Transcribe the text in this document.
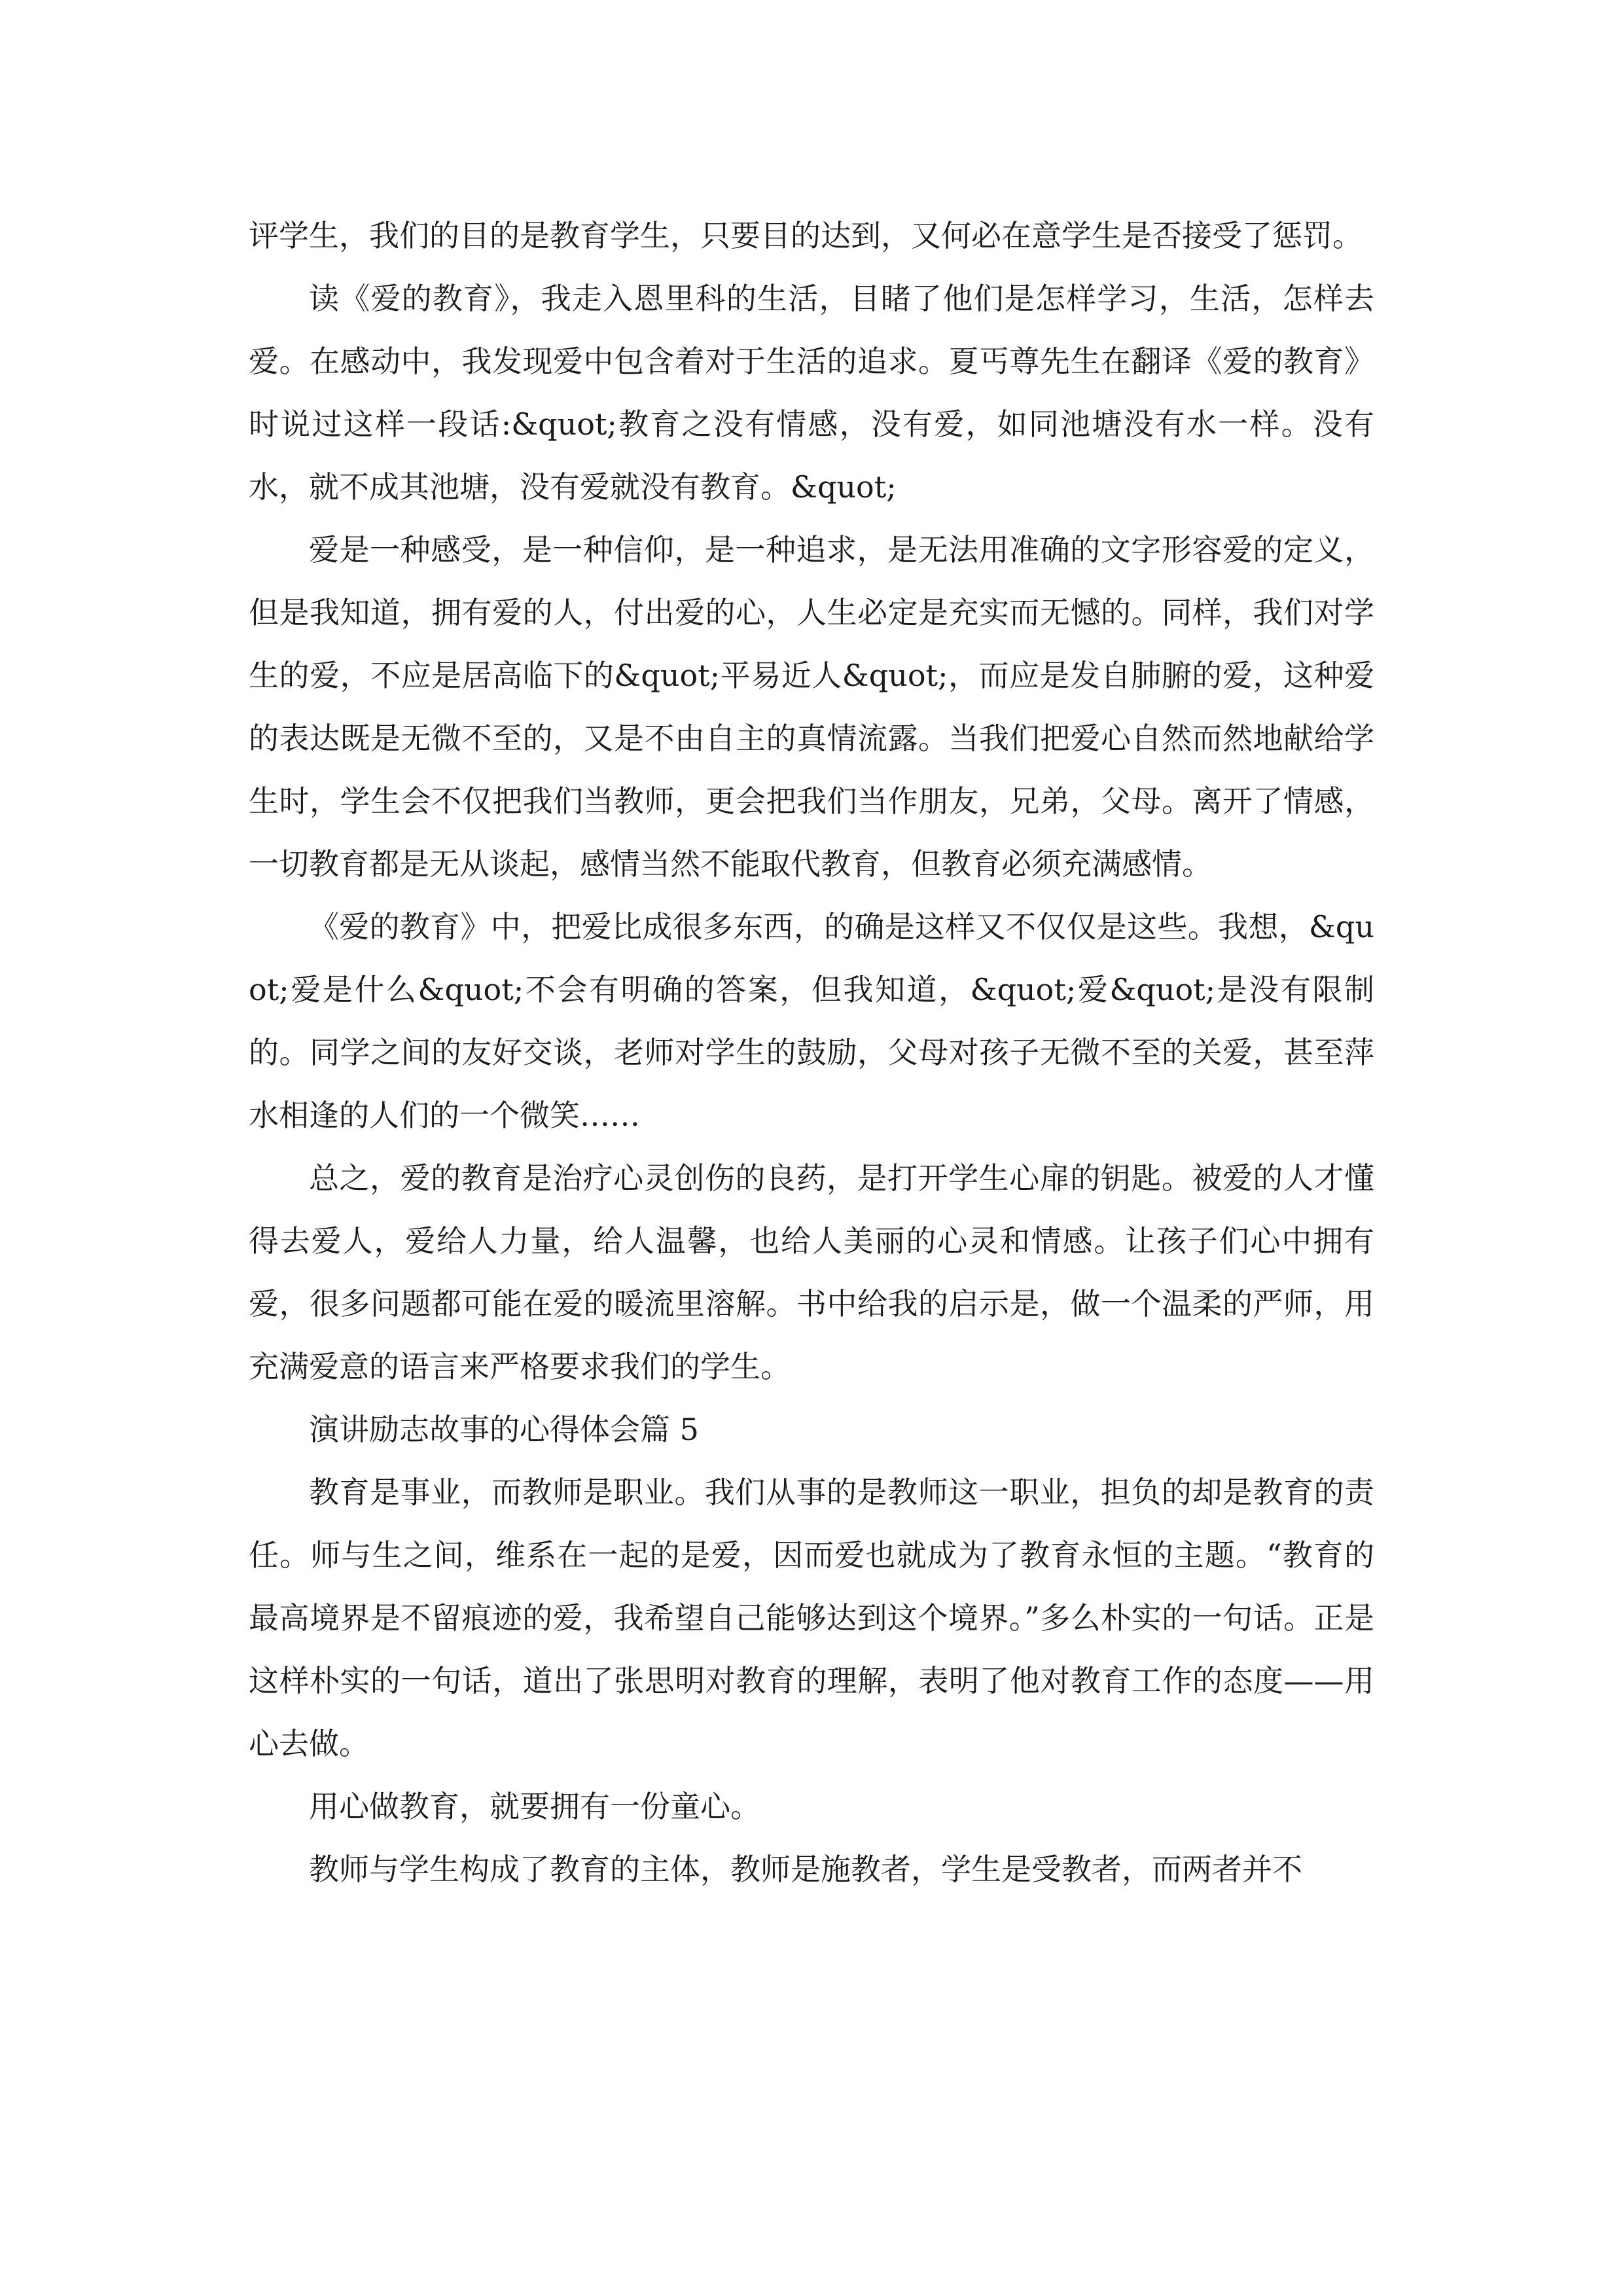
评学生，我们的目的是教育学生，只要目的达到，又何必在意学生是否接受了惩罚。

读《爱的教育》，我走入恩里科的生活，目睹了他们是怎样学习，生活，怎样去爱。在感动中，我发现爱中包含着对于生活的追求。夏丐尊先生在翻译《爱的教育》时说过这样一段话:&quot;教育之没有情感，没有爱，如同池塘没有水一样。没有水，就不成其池塘，没有爱就没有教育。&quot;

爱是一种感受，是一种信仰，是一种追求，是无法用准确的文字形容爱的定义，但是我知道，拥有爱的人，付出爱的心，人生必定是充实而无憾的。同样，我们对学生的爱，不应是居高临下的&quot;平易近人&quot;，而应是发自肺腑的爱，这种爱的表达既是无微不至的，又是不由自主的真情流露。当我们把爱心自然而然地献给学生时，学生会不仅把我们当教师，更会把我们当作朋友，兄弟，父母。离开了情感，一切教育都是无从谈起，感情当然不能取代教育，但教育必须充满感情。

《爱的教育》中，把爱比成很多东西，的确是这样又不仅仅是这些。我想，&quot;爱是什么&quot;不会有明确的答案，但我知道，&quot;爱&quot;是没有限制的。同学之间的友好交谈，老师对学生的鼓励，父母对孩子无微不至的关爱，甚至萍水相逢的人们的一个微笑……

总之，爱的教育是治疗心灵创伤的良药，是打开学生心扉的钥匙。被爱的人才懂得去爱人，爱给人力量，给人温馨，也给人美丽的心灵和情感。让孩子们心中拥有爱，很多问题都可能在爱的暖流里溶解。书中给我的启示是，做一个温柔的严师，用充满爱意的语言来严格要求我们的学生。

演讲励志故事的心得体会篇 5

教育是事业，而教师是职业。我们从事的是教师这一职业，担负的却是教育的责任。师与生之间，维系在一起的是爱，因而爱也就成为了教育永恒的主题。“教育的最高境界是不留痕迹的爱，我希望自己能够达到这个境界。”多么朴实的一句话。正是这样朴实的一句话，道出了张思明对教育的理解，表明了他对教育工作的态度——用心去做。

用心做教育，就要拥有一份童心。

教师与学生构成了教育的主体，教师是施教者，学生是受教者，而两者并不
